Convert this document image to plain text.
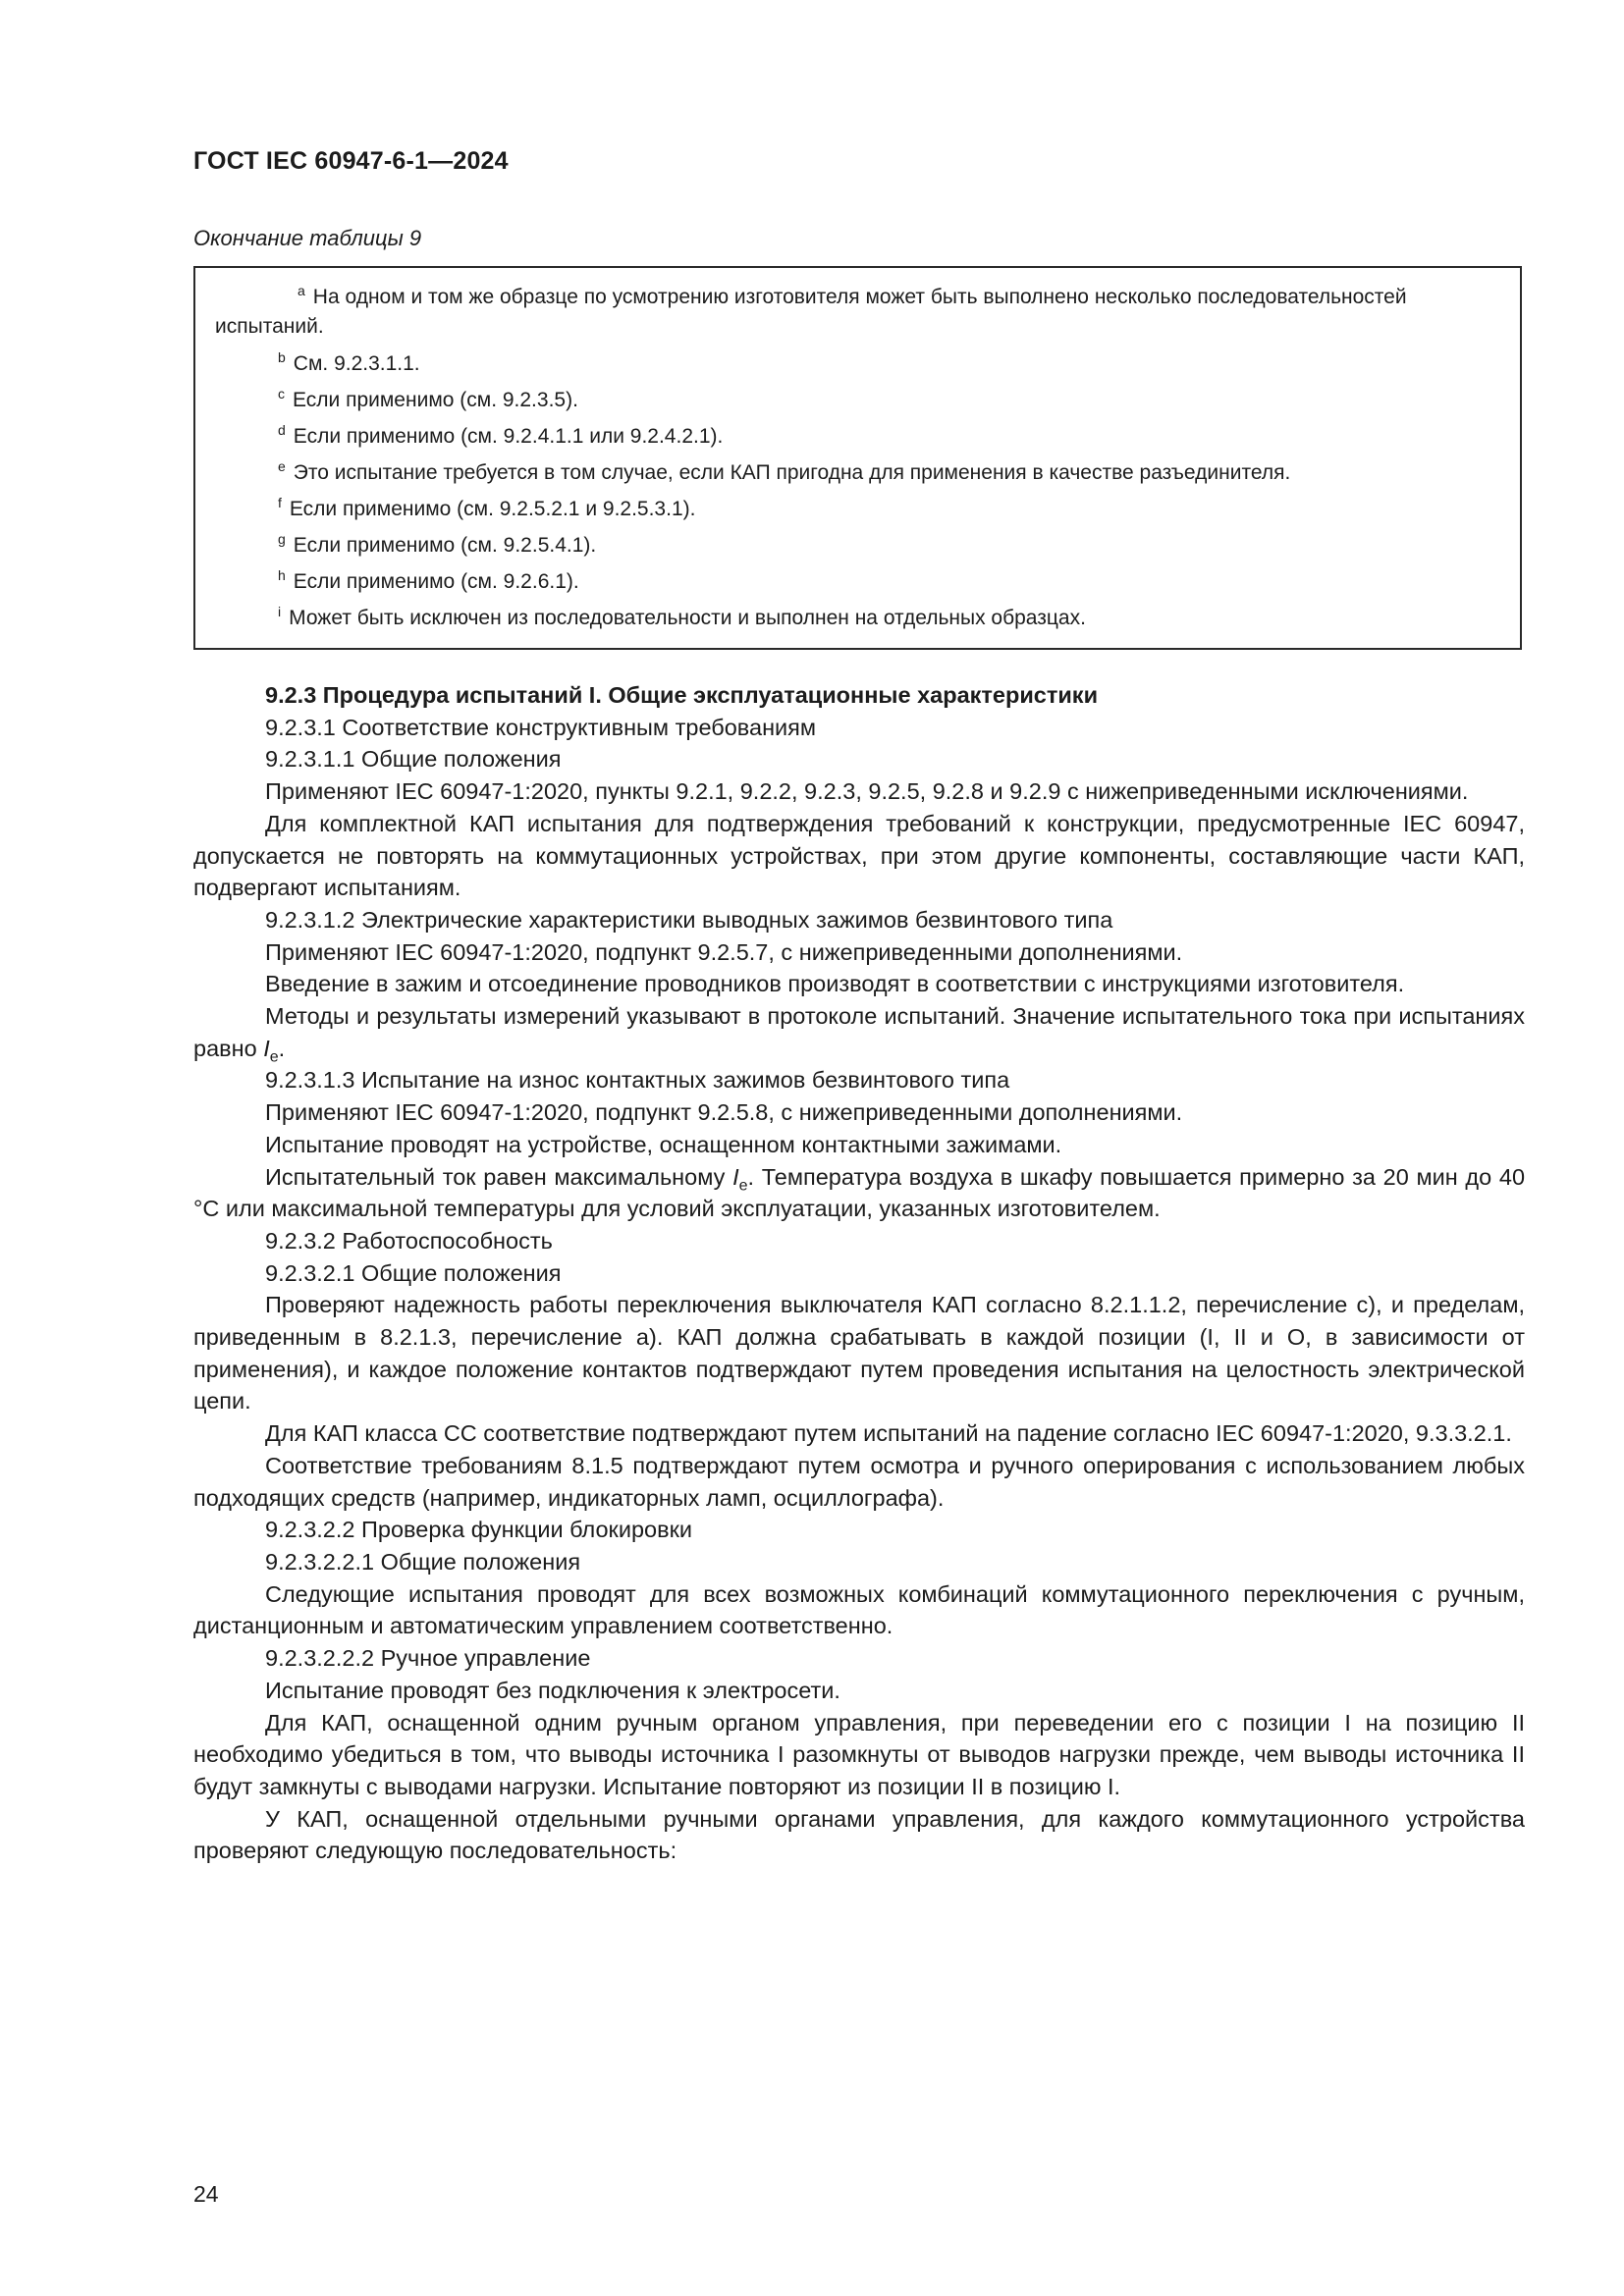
ГОСТ IEC 60947-6-1—2024
Окончание таблицы 9
$^a$ На одном и том же образце по усмотрению изготовителя может быть выполнено несколько последовательностей испытаний.
$^b$ См. 9.2.3.1.1.
$^c$ Если применимо (см. 9.2.3.5).
$^d$ Если применимо (см. 9.2.4.1.1 или 9.2.4.2.1).
$^e$ Это испытание требуется в том случае, если КАП пригодна для применения в качестве разъединителя.
$^f$ Если применимо (см. 9.2.5.2.1 и 9.2.5.3.1).
$^g$ Если применимо (см. 9.2.5.4.1).
$^h$ Если применимо (см. 9.2.6.1).
$^i$ Может быть исключен из последовательности и выполнен на отдельных образцах.

9.2.3 Процедура испытаний I. Общие эксплуатационные характеристики

9.2.3.1 Соответствие конструктивным требованиям

9.2.3.1.1 Общие положения

Применяют IEC 60947-1:2020, пункты 9.2.1, 9.2.2, 9.2.3, 9.2.5, 9.2.8 и 9.2.9 с нижеприведенными исключениями.

Для комплектной КАП испытания для подтверждения требований к конструкции, предусмотренные IEC 60947, допускается не повторять на коммутационных устройствах, при этом другие компоненты, составляющие части КАП, подвергают испытаниям.

9.2.3.1.2 Электрические характеристики выводных зажимов безвинтового типа

Применяют IEC 60947-1:2020, подпункт 9.2.5.7, с нижеприведенными дополнениями.

Введение в зажим и отсоединение проводников производят в соответствии с инструкциями изготовителя.

Методы и результаты измерений указывают в протоколе испытаний. Значение испытательного тока при испытаниях равно $I_e$.

9.2.3.1.3 Испытание на износ контактных зажимов безвинтового типа

Применяют IEC 60947-1:2020, подпункт 9.2.5.8, с нижеприведенными дополнениями.

Испытание проводят на устройстве, оснащенном контактными зажимами.

Испытательный ток равен максимальному $I_e$. Температура воздуха в шкафу повышается примерно за 20 мин до 40 °С или максимальной температуры для условий эксплуатации, указанных изготовителем.

9.2.3.2 Работоспособность

9.2.3.2.1 Общие положения

Проверяют надежность работы переключения выключателя КАП согласно 8.2.1.1.2, перечисление с), и пределам, приведенным в 8.2.1.3, перечисление а). КАП должна срабатывать в каждой позиции (I, II и O, в зависимости от применения), и каждое положение контактов подтверждают путем проведения испытания на целостность электрической цепи.

Для КАП класса СС соответствие подтверждают путем испытаний на падение согласно IEC 60947-1:2020, 9.3.3.2.1.

Соответствие требованиям 8.1.5 подтверждают путем осмотра и ручного оперирования с использованием любых подходящих средств (например, индикаторных ламп, осциллографа).

9.2.3.2.2 Проверка функции блокировки

9.2.3.2.2.1 Общие положения

Следующие испытания проводят для всех возможных комбинаций коммутационного переключения с ручным, дистанционным и автоматическим управлением соответственно.

9.2.3.2.2.2 Ручное управление

Испытание проводят без подключения к электросети.

Для КАП, оснащенной одним ручным органом управления, при переведении его с позиции I на позицию II необходимо убедиться в том, что выводы источника I разомкнуты от выводов нагрузки прежде, чем выводы источника II будут замкнуты с выводами нагрузки. Испытание повторяют из позиции II в позицию I.

У КАП, оснащенной отдельными ручными органами управления, для каждого коммутационного устройства проверяют следующую последовательность:

24
